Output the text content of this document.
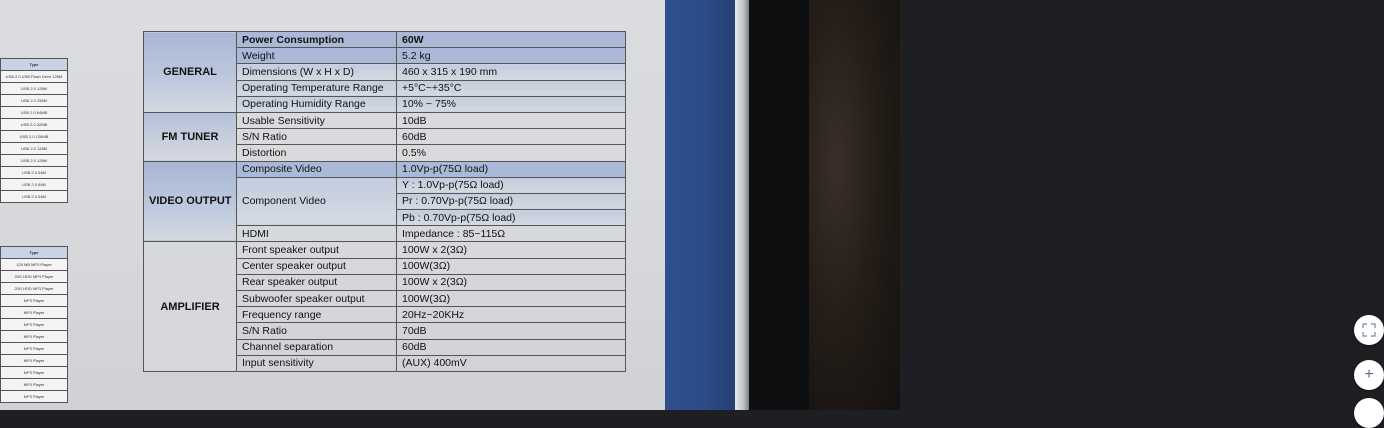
Type
USB 2.0 USB Flash Drive 128M
USB 2.0 128M
USB 2.0 256M
USB 2.0 64MB
USB 2.0 32MB
USB 2.0 128MB
USB 2.0 128M
USB 2.0 128M
USB 2.0 64M
USB 2.0 64M
USB 2.0 64M
Type
128 MB MP3 Player
20G HDD MP3 Player
20G HDD MP3 Player
MP3 Player
MP3 Player
MP3 Player
MP3 Player
MP3 Player
MP3 Player
MP3 Player
MP3 Player
MP3 Player
GENERAL	Power Consumption	60W
	Weight	5.2 kg
	Dimensions (W x H x D)	460 x 315 x 190 mm
	Operating Temperature Range	+5°C~+35°C
	Operating Humidity Range	10% ~ 75%
FM TUNER	Usable Sensitivity	10dB
	S/N Ratio	60dB
	Distortion	0.5%
VIDEO OUTPUT	Composite Video	1.0Vp-p(75Ω load)
	Component Video	Y : 1.0Vp-p(75Ω load)
		Pr : 0.70Vp-p(75Ω load)
		Pb : 0.70Vp-p(75Ω load)
	HDMI	Impedance : 85~115Ω
AMPLIFIER	Front speaker output	100W x 2(3Ω)
	Center speaker output	100W(3Ω)
	Rear speaker output	100W x 2(3Ω)
	Subwoofer speaker output	100W(3Ω)
	Frequency range	20Hz~20KHz
	S/N Ratio	70dB
	Channel separation	60dB
	Input sensitivity	(AUX) 400mV
+
